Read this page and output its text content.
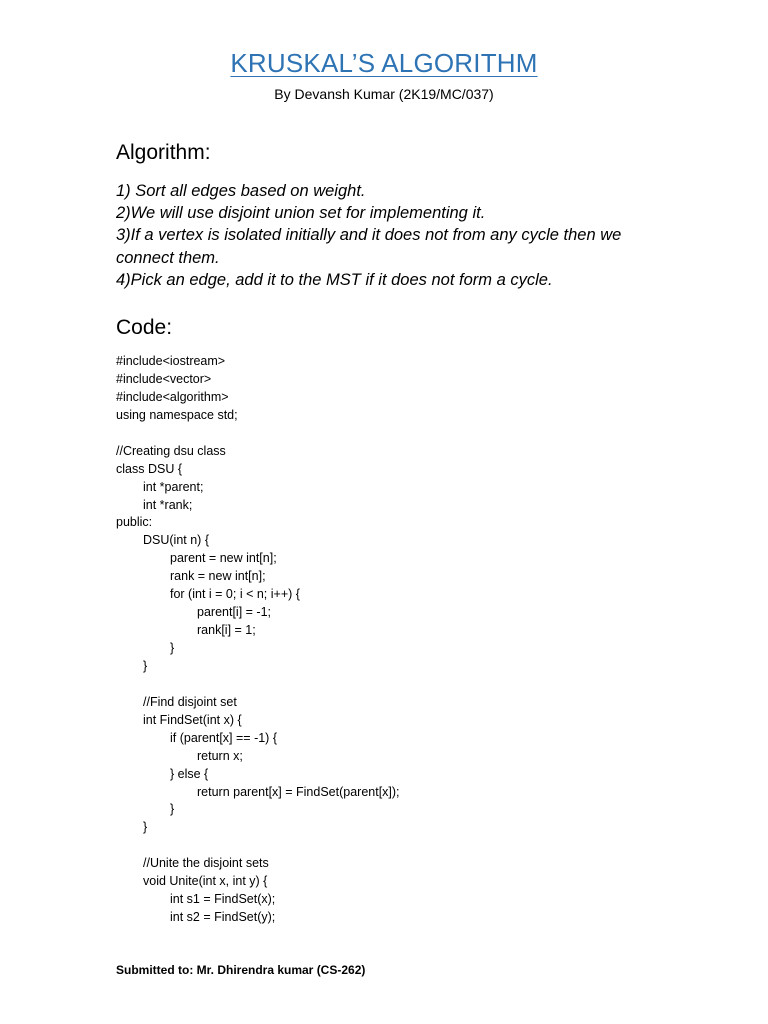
KRUSKAL’S ALGORITHM
By Devansh Kumar (2K19/MC/037)
Algorithm:
1) Sort all edges based on weight.
2)We will use disjoint union set for implementing it.
3)If a vertex is isolated initially and it does not from any cycle then we connect them.
4)Pick an edge, add it to the MST if it does not form a cycle.
Code:
#include<iostream>
#include<vector>
#include<algorithm>
using namespace std;
//Creating dsu class
class DSU {
int *parent;
int *rank;
public:
DSU(int n) {
parent = new int[n];
rank = new int[n];
for (int i = 0; i < n; i++) {
parent[i] = -1;
rank[i] = 1;
}
}
//Find disjoint set
int FindSet(int x) {
if (parent[x] == -1) {
return x;
} else {
return parent[x] = FindSet(parent[x]);
}
}
//Unite the disjoint sets
void Unite(int x, int y) {
int s1 = FindSet(x);
int s2 = FindSet(y);
Submitted to: Mr. Dhirendra kumar (CS-262)
